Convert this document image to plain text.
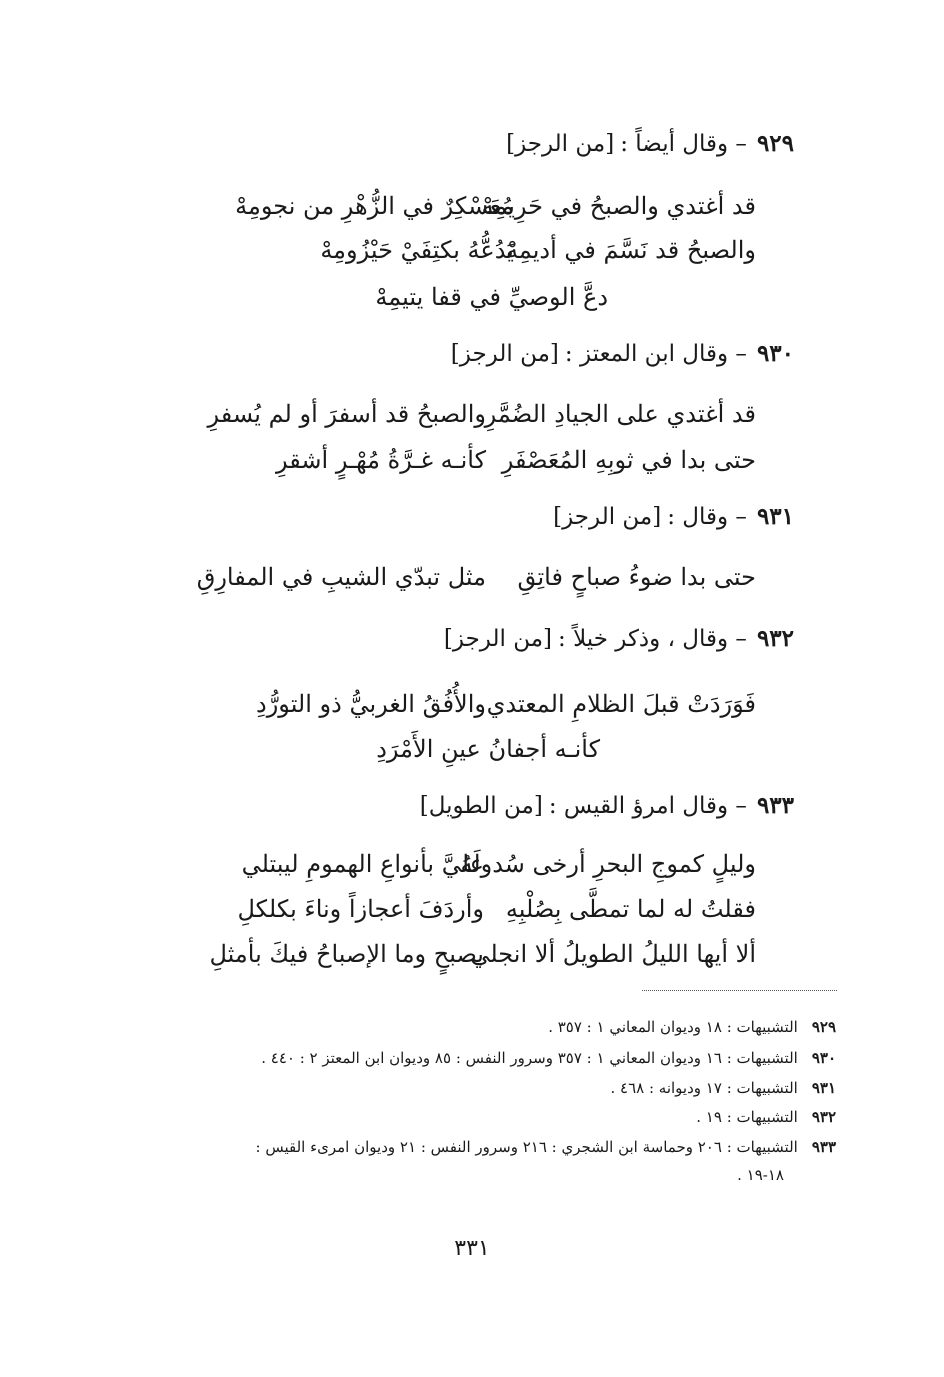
٩٢٩– وقال أيضاً :[من الرجز]
قد أغتدي والصبحُ في حَرِيمِهْ
مُعَسْكِرٌ في الزُّهْرِ من نجومِهْ
والصبحُ قد نَسَّمَ في أديمِهْ
يَدُعُّهُ بكتِفَيْ حَيْزُومِهْ
دعَّ الوصيِّ في قفا يتيمِهْ
٩٣٠– وقال ابن المعتز :[من الرجز]
قد أغتدي على الجيادِ الضُمَّرِ
والصبحُ قد أسفرَ أو لم يُسفرِ
حتى بدا في ثوبِهِ المُعَصْفَرِ
كأنـه غـرَّةُ مُهْـرٍ أشقرِ
٩٣١– وقال :[من الرجز]
حتى بدا ضوءُ صباحٍ فاتِقِ
مثل تبدّي الشيبِ في المفارِقِ
٩٣٢– وقال ، وذكر خيلاً :[من الرجز]
فَوَرَدَتْ قبلَ الظلامِ المعتدي
والأُفُقُ الغربيُّ ذو التورُّدِ
كأنـه أجفانُ عينِ الأَمْرَدِ
٩٣٣– وقال امرؤ القيس :[من الطويل]
وليلٍ كموجِ البحرِ أرخى سُدولَهُ
عليَّ بأنواعِ الهمومِ ليبتلي
فقلتُ له لما تمطَّى بِصُلْبِهِ
وأردَفَ أعجازاً وناءَ بكلكلِ
ألا أيها الليلُ الطويلُ ألا انجلي
بصبحٍ وما الإصباحُ فيكَ بأمثلِ
٩٢٩التشبيهات : ١٨ وديوان المعاني ١ : ٣٥٧ .
٩٣٠التشبيهات : ١٦ وديوان المعاني ١ : ٣٥٧ وسرور النفس : ٨٥ وديوان ابن المعتز ٢ : ٤٤٠ .
٩٣١التشبيهات : ١٧ وديوانه : ٤٦٨ .
٩٣٢التشبيهات : ١٩ .
٩٣٣التشبيهات : ٢٠٦ وحماسة ابن الشجري : ٢١٦ وسرور النفس : ٢١ وديوان امرىء القيس :
١٨-١٩ .
٣٣١
